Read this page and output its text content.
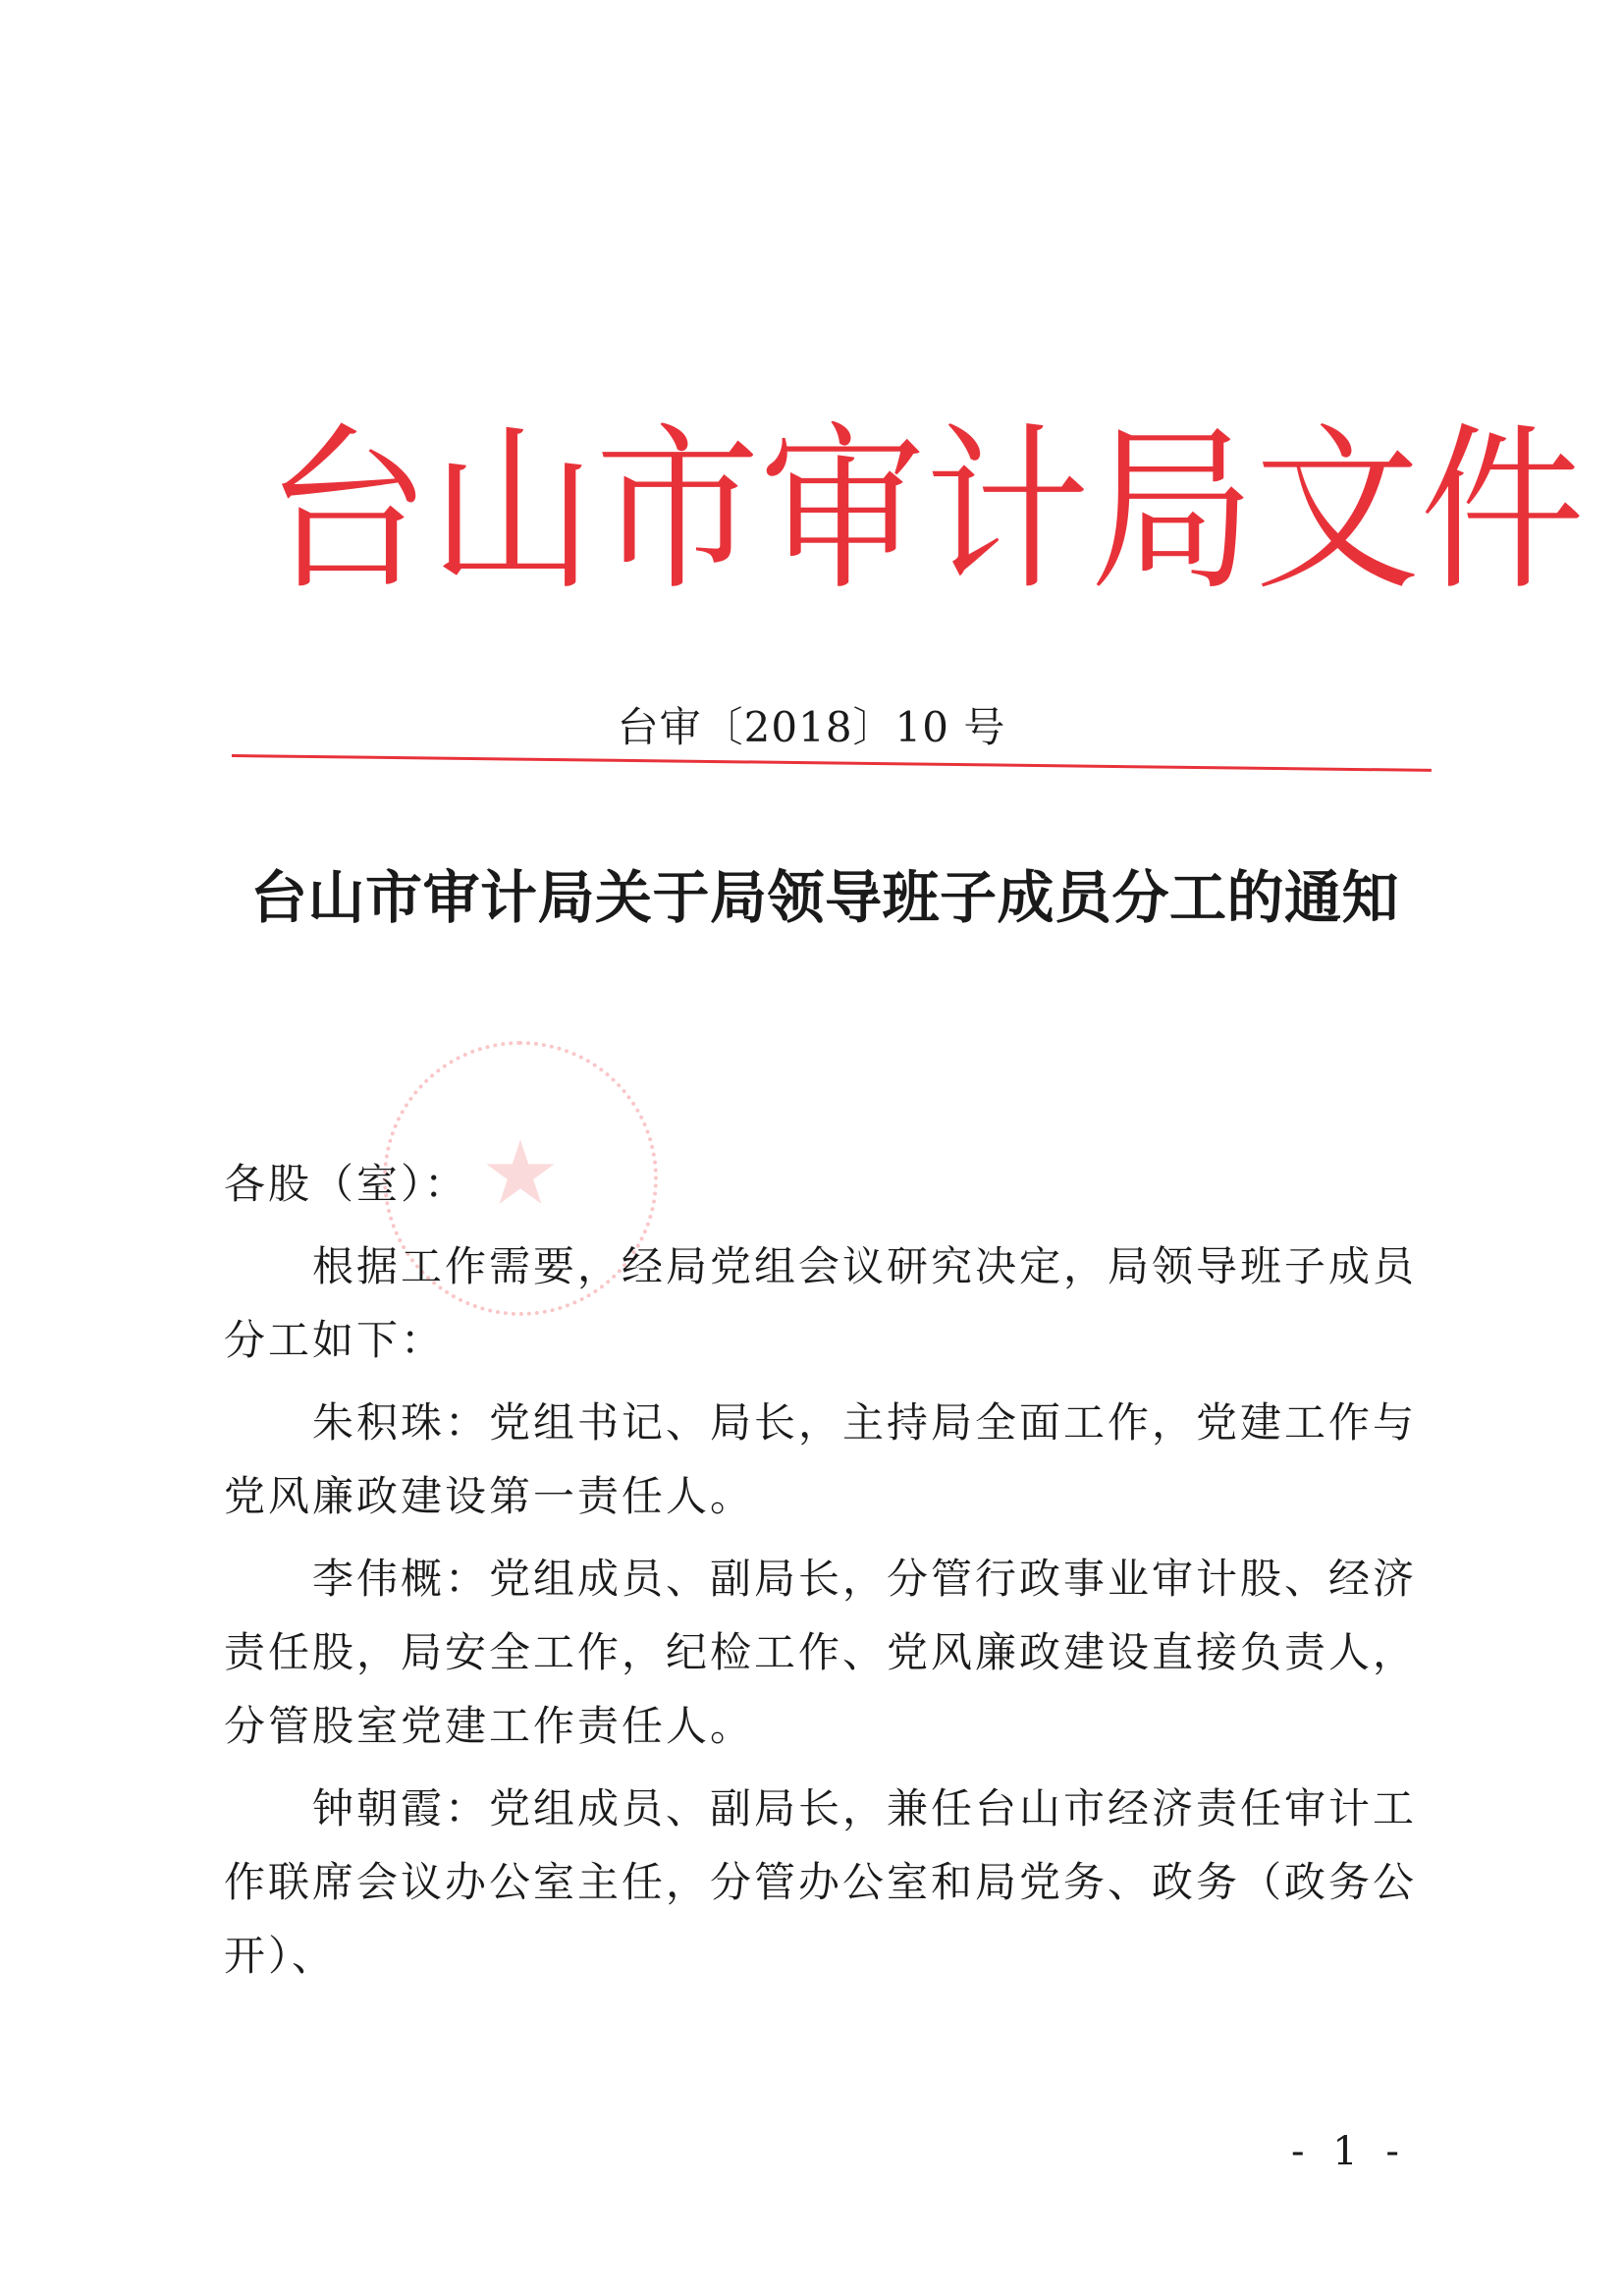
台 山 市 审 计 局 文 件
台审〔2018〕10 号
台山市审计局关于局领导班子成员分工的通知
★

各股（室）：

根据工作需要，经局党组会议研究决定，局领导班子成员分工如下：

朱积珠：党组书记、局长，主持局全面工作，党建工作与党风廉政建设第一责任人。

李伟概：党组成员、副局长，分管行政事业审计股、经济责任股，局安全工作，纪检工作、党风廉政建设直接负责人，分管股室党建工作责任人。

钟朝霞：党组成员、副局长，兼任台山市经济责任审计工作联席会议办公室主任，分管办公室和局党务、政务（政务公开）、

- 1 -
